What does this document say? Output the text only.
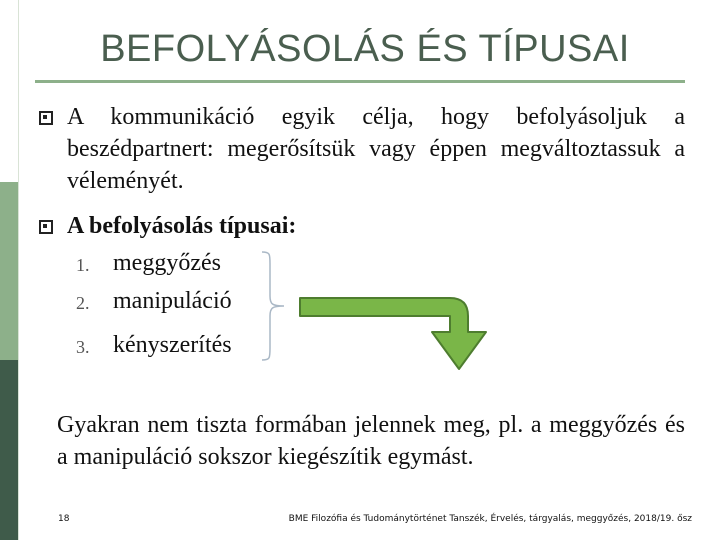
BEFOLYÁSOLÁS ÉS TÍPUSAI
A kommunikáció egyik célja, hogy befolyásoljuk a beszédpartnert: megerősítsük vagy éppen megváltoztassuk a véleményét.
A befolyásolás típusai:
1. meggyőzés
2. manipuláció
3. kényszerítés
Gyakran nem tiszta formában jelennek meg, pl. a meggyőzés és a manipuláció sokszor kiegészítik egymást.
18	BME Filozófia és Tudománytörténet Tanszék, Érvelés, tárgyalás, meggyőzés, 2018/19. ősz
